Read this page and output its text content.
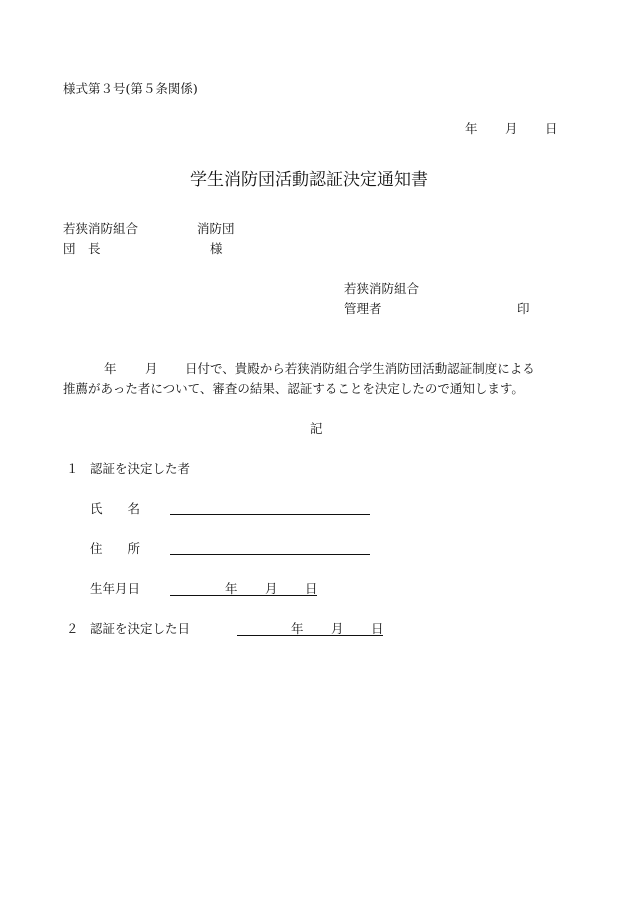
様式第３号(第５条関係)
年 月 日
学生消防団活動認証決定通知書
若狭消防組合	消防団
団　長	様
若狭消防組合
管理者	印
年 月 日付で、貴殿から若狭消防組合学生消防団活動認証制度による
推薦があった者について、審査の結果、認証することを決定したので通知します。
記
１ 認証を決定した者
氏　　名
住　　所
生年月日	年 月 日
２ 認証を決定した日	年 月 日
